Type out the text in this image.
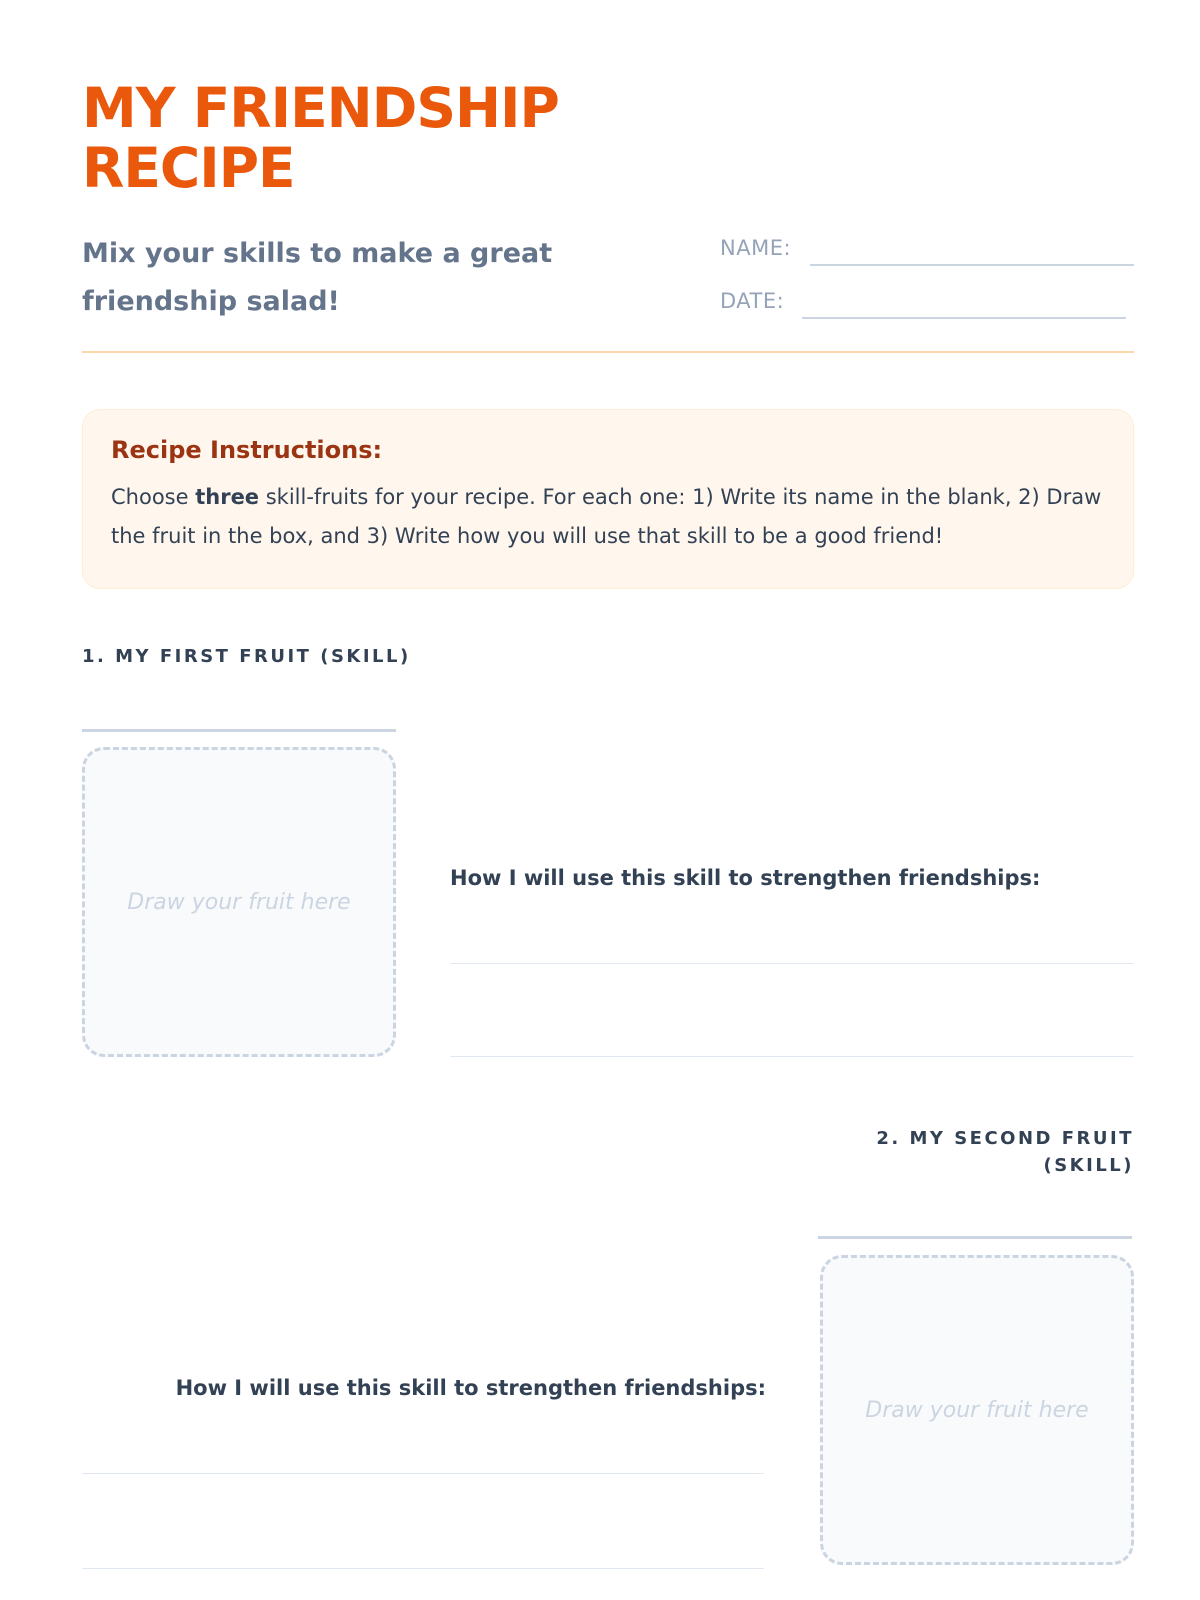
MY FRIENDSHIP
RECIPE

Mix your skills to make a great friendship salad!

NAME:
DATE:

Recipe Instructions:

Choose three skill-fruits for your recipe. For each one: 1) Write its name in the blank, 2) Draw the fruit in the box, and 3) Write how you will use that skill to be a good friend!

1. MY FIRST FRUIT (SKILL)
Draw your fruit here
How I will use this skill to strengthen friendships:
2. MY SECOND FRUIT
(SKILL)
Draw your fruit here
How I will use this skill to strengthen friendships:
